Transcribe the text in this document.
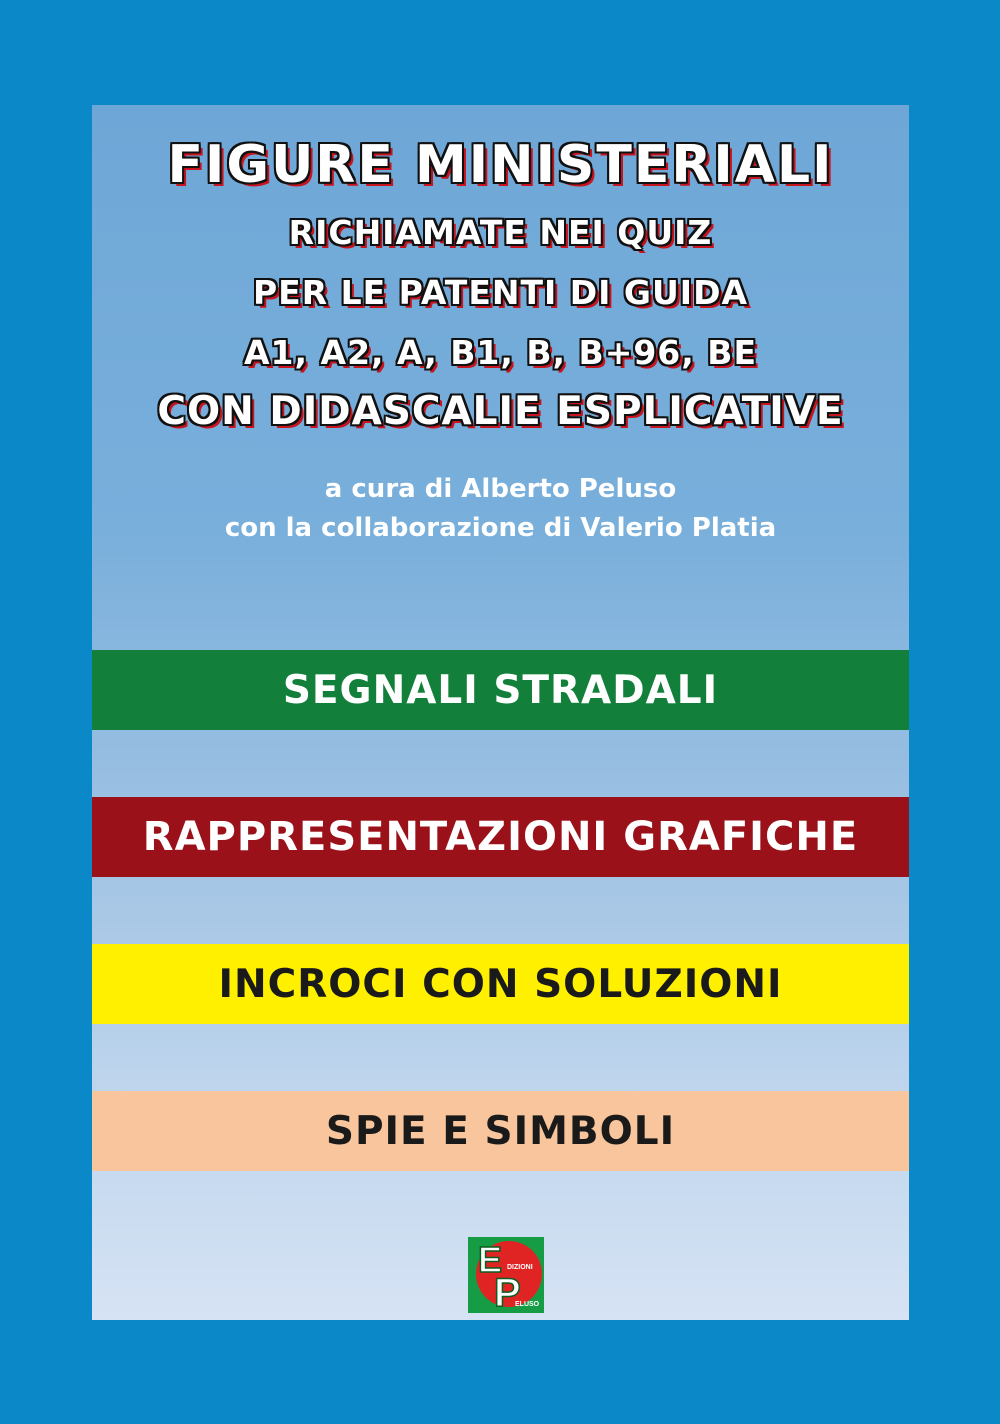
FIGURE MINISTERIALI
RICHIAMATE NEI QUIZ
PER LE PATENTI DI GUIDA
A1, A2, A, B1, B, B+96, BE
CON DIDASCALIE ESPLICATIVE
a cura di Alberto Peluso
con la collaborazione di Valerio Platia
SEGNALI STRADALI
RAPPRESENTAZIONI GRAFICHE
INCROCI CON SOLUZIONI
SPIE E SIMBOLI
E DIZIONI
P
ELUSO
